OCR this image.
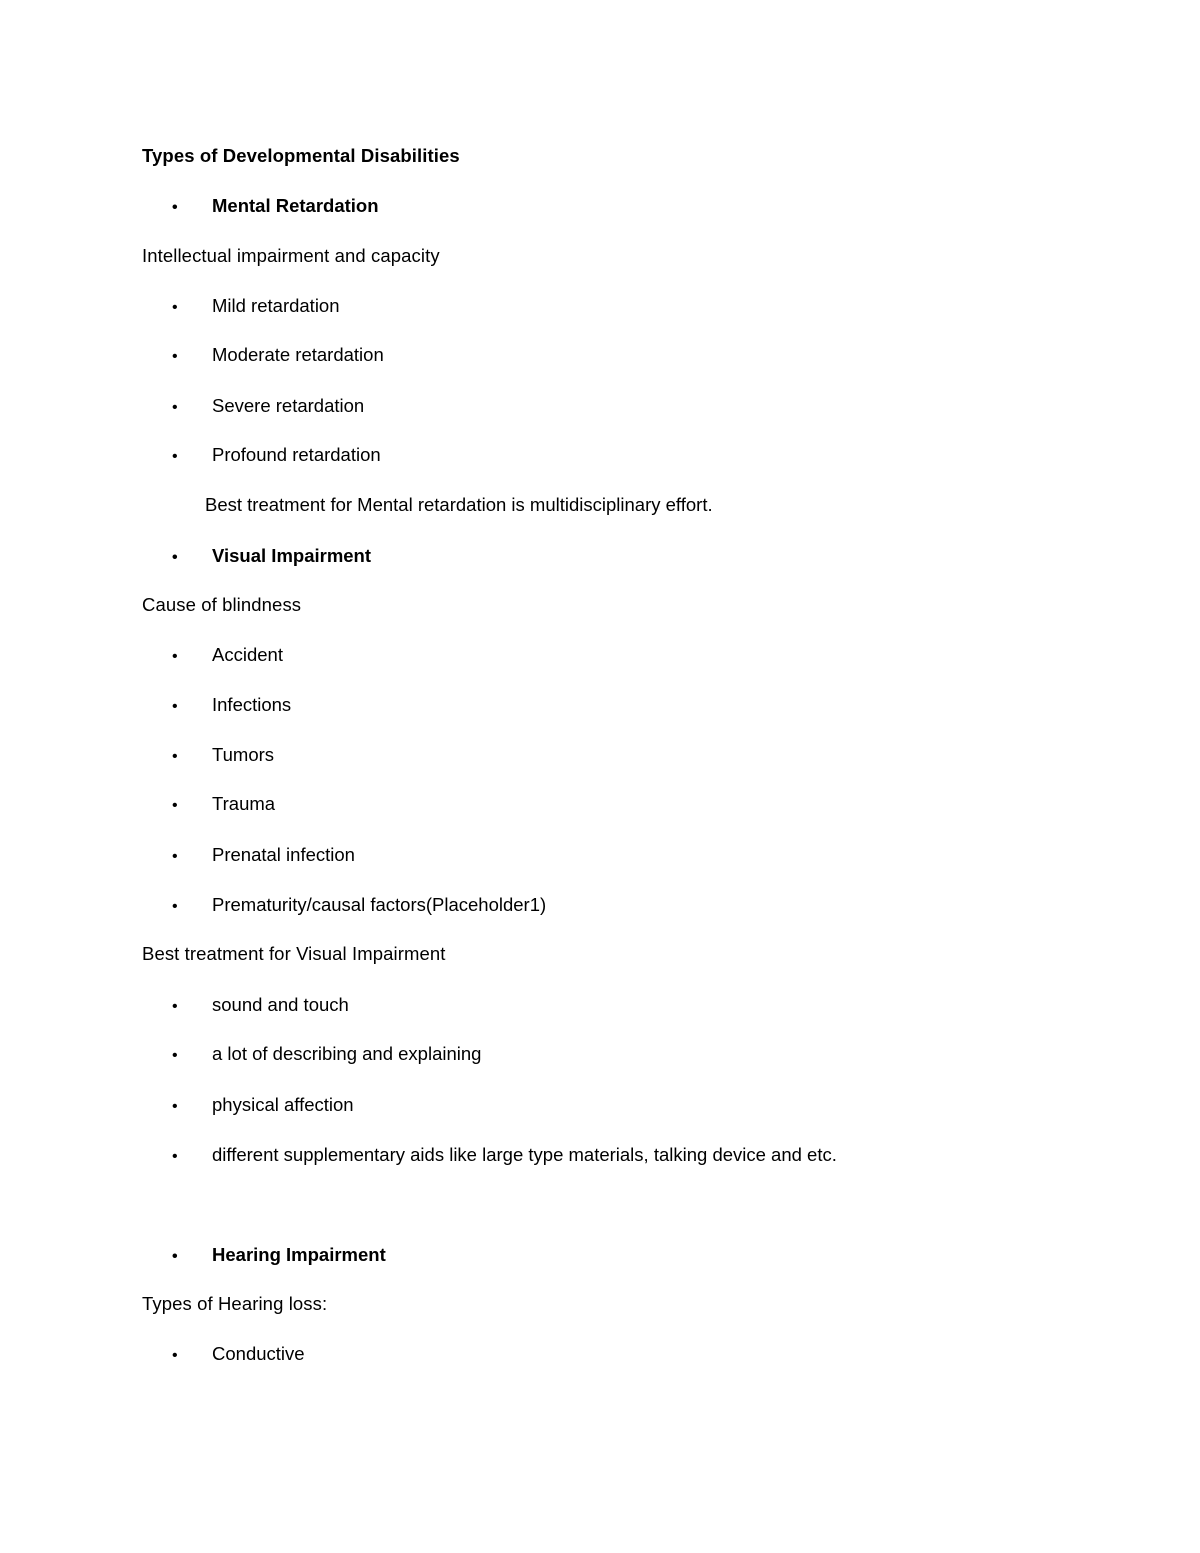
Types of Developmental Disabilities
• Mental Retardation
Intellectual impairment and capacity
• Mild retardation
• Moderate retardation
• Severe retardation
• Profound retardation
Best treatment for Mental retardation is multidisciplinary effort.
• Visual Impairment
Cause of blindness
• Accident
• Infections
• Tumors
• Trauma
• Prenatal infection
• Prematurity/causal factors(Placeholder1)
Best treatment for Visual Impairment
• sound and touch
• a lot of describing and explaining
• physical affection
• different supplementary aids like large type materials, talking device and etc.
• Hearing Impairment
Types of Hearing loss:
• Conductive
